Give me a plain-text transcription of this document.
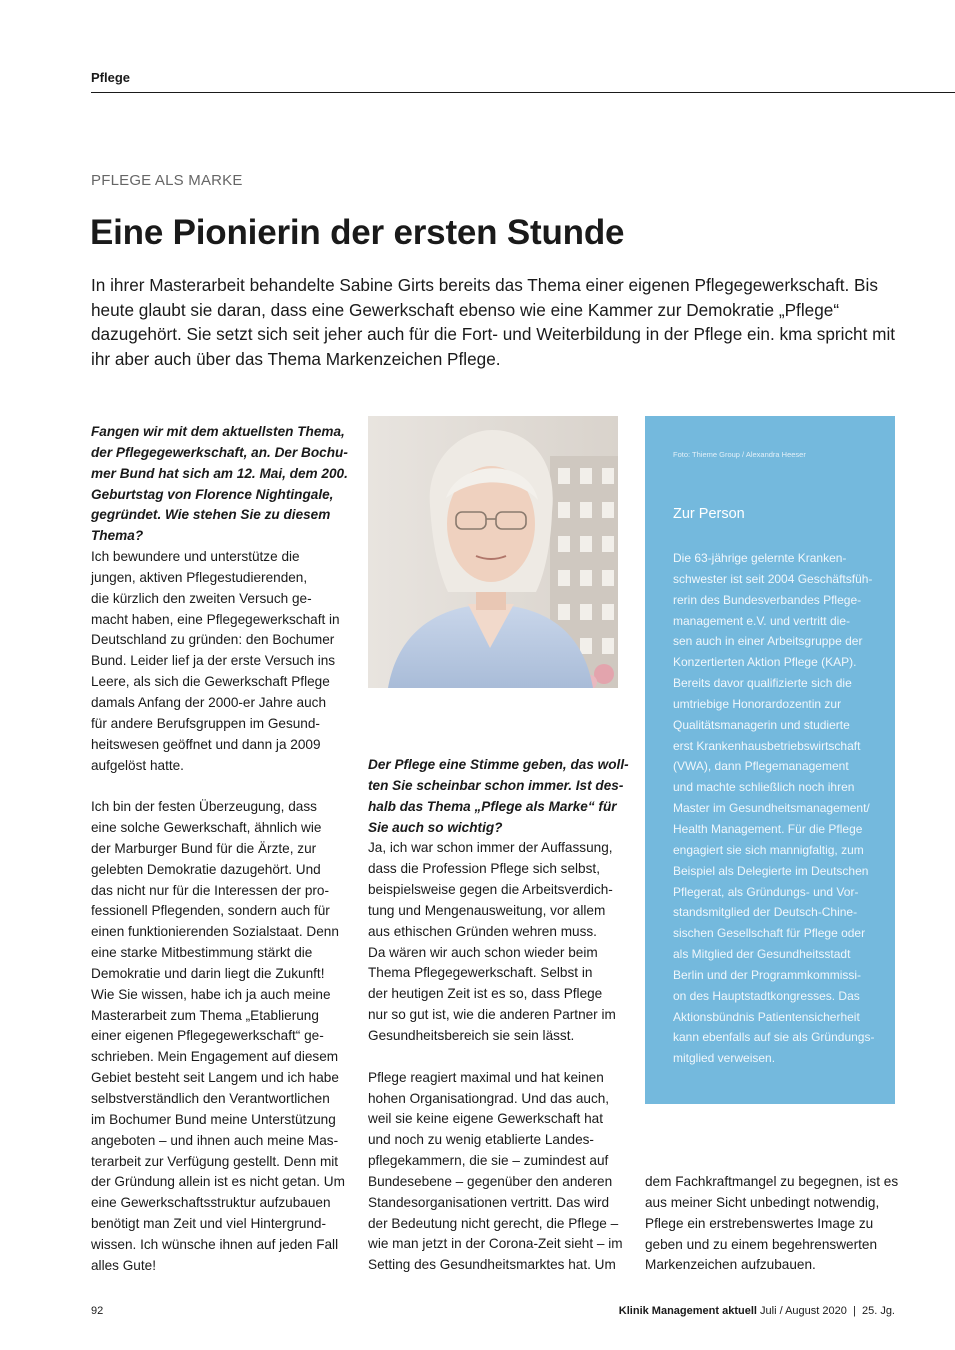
Pflege
PFLEGE ALS MARKE
Eine Pionierin der ersten Stunde

In ihrer Masterarbeit behandelte Sabine Girts bereits das Thema einer eigenen Pflegegewerkschaft. Bis heute glaubt sie daran, dass eine Gewerkschaft ebenso wie eine Kammer zur Demokratie „Pflege“ dazugehört. Sie setzt sich seit jeher auch für die Fort- und Weiterbildung in der Pflege ein. kma spricht mit ihr aber auch über das Thema Markenzeichen Pflege.

Fangen wir mit dem aktuellsten Thema,

der Pflegegewerkschaft, an. Der Bochu-

mer Bund hat sich am 12. Mai, dem 200.

Geburtstag von Florence Nightingale,

gegründet. Wie stehen Sie zu diesem

Thema?

Ich bewundere und unterstütze die

jungen, aktiven Pflegestudierenden,

die kürzlich den zweiten Versuch ge-

macht haben, eine Pflegegewerkschaft in

Deutschland zu gründen: den Bochumer

Bund. Leider lief ja der erste Versuch ins

Leere, als sich die Gewerkschaft Pflege

damals Anfang der 2000-er Jahre auch

für andere Berufsgruppen im Gesund-

heitswesen geöffnet und dann ja 2009

aufgelöst hatte.

Ich bin der festen Überzeugung, dass

eine solche Gewerkschaft, ähnlich wie

der Marburger Bund für die Ärzte, zur

gelebten Demokratie dazugehört. Und

das nicht nur für die Interessen der pro-

fessionell Pflegenden, sondern auch für

einen funktionierenden Sozialstaat. Denn

eine starke Mitbestimmung stärkt die

Demokratie und darin liegt die Zukunft!

Wie Sie wissen, habe ich ja auch meine

Masterarbeit zum Thema „Etablierung

einer eigenen Pflegegewerkschaft“ ge-

schrieben. Mein Engagement auf diesem

Gebiet besteht seit Langem und ich habe

selbstverständlich den Verantwortlichen

im Bochumer Bund meine Unterstützung

angeboten – und ihnen auch meine Mas-

terarbeit zur Verfügung gestellt. Denn mit

der Gründung allein ist es nicht getan. Um

eine Gewerkschaftsstruktur aufzubauen

benötigt man Zeit und viel Hintergrund-

wissen. Ich wünsche ihnen auf jeden Fall

alles Gute!

Der Pflege eine Stimme geben, das woll-

ten Sie scheinbar schon immer. Ist des-

halb das Thema „Pflege als Marke“ für

Sie auch so wichtig?

Ja, ich war schon immer der Auffassung,

dass die Profession Pflege sich selbst,

beispielsweise gegen die Arbeitsverdich-

tung und Mengenausweitung, vor allem

aus ethischen Gründen wehren muss.

Da wären wir auch schon wieder beim

Thema Pflegegewerkschaft. Selbst in

der heutigen Zeit ist es so, dass Pflege

nur so gut ist, wie die anderen Partner im

Gesundheitsbereich sie sein lässt.

Pflege reagiert maximal und hat keinen

hohen Organisationgrad. Und das auch,

weil sie keine eigene Gewerkschaft hat

und noch zu wenig etablierte Landes-

pflegekammern, die sie – zumindest auf

Bundesebene – gegenüber den anderen

Standesorganisationen vertritt. Das wird

der Bedeutung nicht gerecht, die Pflege –

wie man jetzt in der Corona-Zeit sieht – im

Setting des Gesundheitsmarktes hat. Um

Foto: Thieme Group / Alexandra Heeser
Zur Person
Die 63-jährige gelernte Kranken-
schwester ist seit 2004 Geschäftsfüh-
rerin des Bundesverbandes Pflege-
management e.V. und vertritt die-
sen auch in einer Arbeitsgruppe der
Konzertierten Aktion Pflege (KAP).
Bereits davor qualifizierte sich die
umtriebige Honorardozentin zur
Qualitätsmanagerin und studierte
erst Krankenhausbetriebswirtschaft
(VWA), dann Pflegemanagement
und machte schließlich noch ihren
Master im Gesundheitsmanagement/
Health Management. Für die Pflege
engagiert sie sich mannigfaltig, zum
Beispiel als Delegierte im Deutschen
Pflegerat, als Gründungs- und Vor-
standsmitglied der Deutsch-Chine-
sischen Gesellschaft für Pflege oder
als Mitglied der Gesundheitsstadt
Berlin und der Programmkommissi-
on des Hauptstadtkongresses. Das
Aktionsbündnis Patientensicherheit
kann ebenfalls auf sie als Gründungs-
mitglied verweisen.

dem Fachkraftmangel zu begegnen, ist es

aus meiner Sicht unbedingt notwendig,

Pflege ein erstrebenswertes Image zu

geben und zu einem begehrenswerten

Markenzeichen aufzubauen.

92	Klinik Management aktuell Juli / August 2020 | 25. Jg.
